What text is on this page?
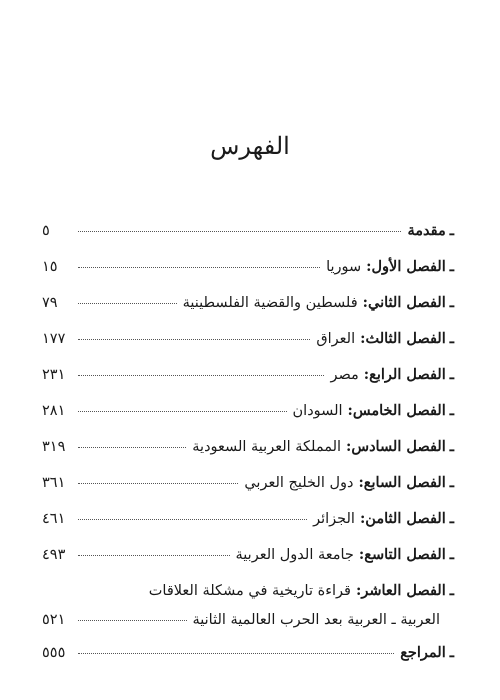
الفهرس
ـ
مقدمة
٥
ـ
الفصل الأول:
سوريا
١٥
ـ
الفصل الثاني:
فلسطين والقضية الفلسطينية
٧٩
ـ
الفصل الثالث:
العراق
١٧٧
ـ
الفصل الرابع:
مصر
٢٣١
ـ
الفصل الخامس:
السودان
٢٨١
ـ
الفصل السادس:
المملكة العربية السعودية
٣١٩
ـ
الفصل السابع:
دول الخليج العربي
٣٦١
ـ
الفصل الثامن:
الجزائر
٤٦١
ـ
الفصل التاسع:
جامعة الدول العربية
٤٩٣
ـ
الفصل العاشر:
قراءة تاريخية في مشكلة العلاقات
العربية ـ العربية بعد الحرب العالمية الثانية
٥٢١
ـ
المراجع
٥٥٥
